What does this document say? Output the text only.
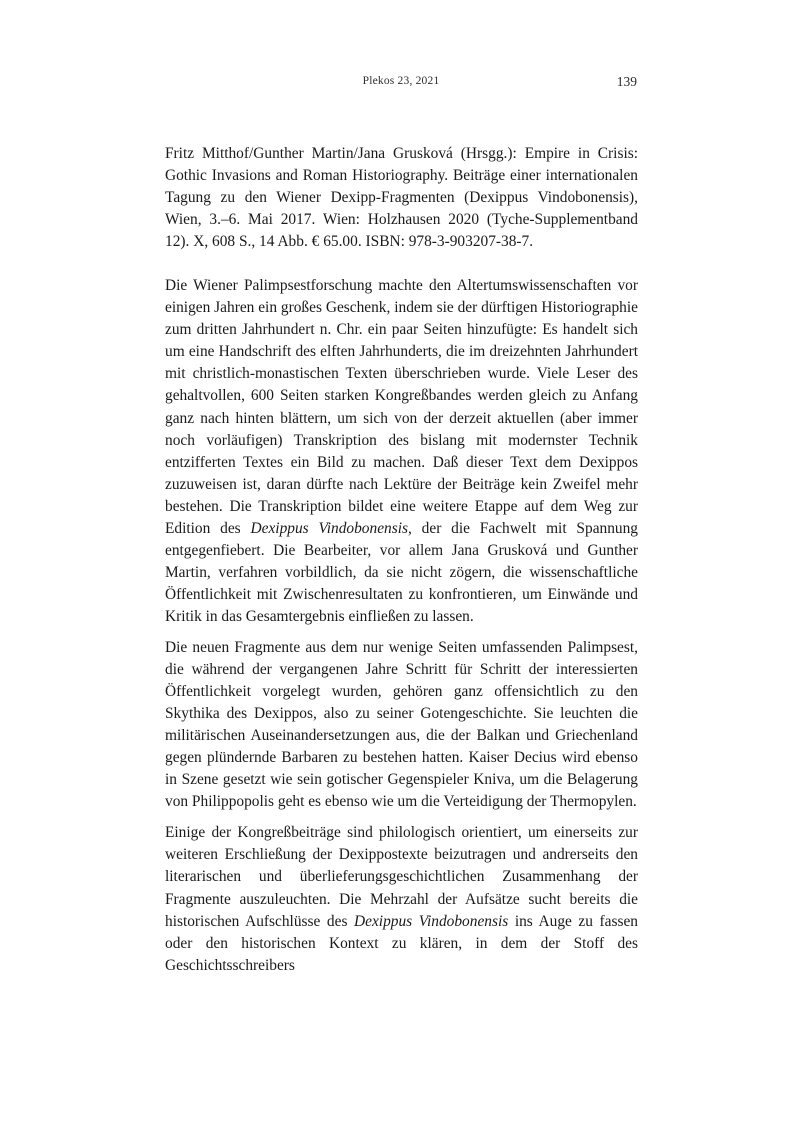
Plekos 23, 2021	139

Fritz Mitthof/Gunther Martin/Jana Grusková (Hrsgg.): Empire in Crisis: Gothic Invasions and Roman Historiography. Beiträge einer internationalen Tagung zu den Wiener Dexipp-Fragmenten (Dexippus Vindobonensis), Wien, 3.–6. Mai 2017. Wien: Holzhausen 2020 (Tyche-Supplementband 12). X, 608 S., 14 Abb. € 65.00. ISBN: 978-3-903207-38-7.

Die Wiener Palimpsestforschung machte den Altertumswissenschaften vor einigen Jahren ein großes Geschenk, indem sie der dürftigen Historiographie zum dritten Jahrhundert n. Chr. ein paar Seiten hinzufügte: Es handelt sich um eine Handschrift des elften Jahrhunderts, die im dreizehnten Jahrhundert mit christlich-monastischen Texten überschrieben wurde. Viele Leser des gehaltvollen, 600 Seiten starken Kongreßbandes werden gleich zu Anfang ganz nach hinten blättern, um sich von der derzeit aktuellen (aber immer noch vorläufigen) Transkription des bislang mit modernster Technik entzifferten Textes ein Bild zu machen. Daß dieser Text dem Dexippos zuzuweisen ist, daran dürfte nach Lektüre der Beiträge kein Zweifel mehr bestehen. Die Transkription bildet eine weitere Etappe auf dem Weg zur Edition des Dexippus Vindobonensis, der die Fachwelt mit Spannung entgegenfiebert. Die Bearbeiter, vor allem Jana Grusková und Gunther Martin, verfahren vorbildlich, da sie nicht zögern, die wissenschaftliche Öffentlichkeit mit Zwischenresultaten zu konfrontieren, um Einwände und Kritik in das Gesamtergebnis einfließen zu lassen.

Die neuen Fragmente aus dem nur wenige Seiten umfassenden Palimpsest, die während der vergangenen Jahre Schritt für Schritt der interessierten Öffentlichkeit vorgelegt wurden, gehören ganz offensichtlich zu den Skythika des Dexippos, also zu seiner Gotengeschichte. Sie leuchten die militärischen Auseinandersetzungen aus, die der Balkan und Griechenland gegen plündernde Barbaren zu bestehen hatten. Kaiser Decius wird ebenso in Szene gesetzt wie sein gotischer Gegenspieler Kniva, um die Belagerung von Philippopolis geht es ebenso wie um die Verteidigung der Thermopylen.

Einige der Kongreßbeiträge sind philologisch orientiert, um einerseits zur weiteren Erschließung der Dexippostexte beizutragen und andrerseits den literarischen und überlieferungsgeschichtlichen Zusammenhang der Fragmente auszuleuchten. Die Mehrzahl der Aufsätze sucht bereits die historischen Aufschlüsse des Dexippus Vindobonensis ins Auge zu fassen oder den historischen Kontext zu klären, in dem der Stoff des Geschichtsschreibers
